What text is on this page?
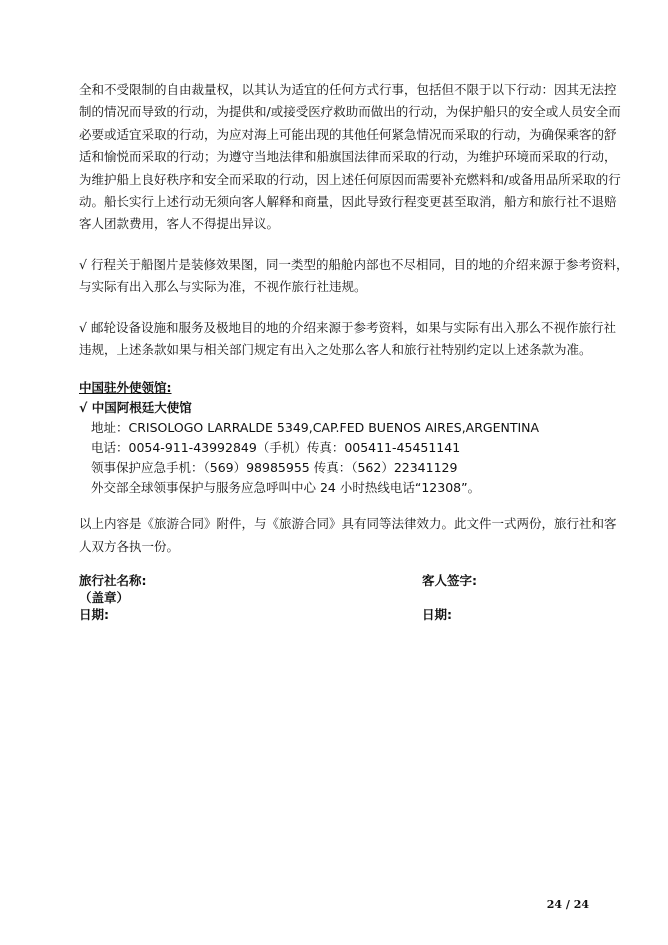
全和不受限制的自由裁量权，以其认为适宜的任何方式行事，包括但不限于以下行动：因其无法控
制的情况而导致的行动，为提供和/或接受医疗救助而做出的行动，为保护船只的安全或人员安全而
必要或适宜采取的行动，为应对海上可能出现的其他任何紧急情况而采取的行动，为确保乘客的舒
适和愉悦而采取的行动；为遵守当地法律和船旗国法律而采取的行动，为维护环境而采取的行动，
为维护船上良好秩序和安全而采取的行动，因上述任何原因而需要补充燃料和/或备用品所采取的行
动。船长实行上述行动无须向客人解释和商量，因此导致行程变更甚至取消，船方和旅行社不退赔
客人团款费用，客人不得提出异议。

√ 行程关于船图片是装修效果图，同一类型的船舱内部也不尽相同，目的地的介绍来源于参考资料，
与实际有出入那么与实际为准，不视作旅行社违规。

√ 邮轮设备设施和服务及极地目的地的介绍来源于参考资料，如果与实际有出入那么不视作旅行社
违规，上述条款如果与相关部门规定有出入之处那么客人和旅行社特别约定以上述条款为准。

中国驻外使领馆:

√ 中国阿根廷大使馆

地址：CRISOLOGO LARRALDE 5349,CAP.FED BUENOS AIRES,ARGENTINA

电话：0054-911-43992849（手机）传真：005411-45451141

领事保护应急手机：（569）98985955 传真：（562）22341129

外交部全球领事保护与服务应急呼叫中心 24 小时热线电话“12308”。

以上内容是《旅游合同》附件，与《旅游合同》具有同等法律效力。此文件一式两份，旅行社和客
人双方各执一份。

旅行社名称:	客人签字:
（盖章）
日期:	日期:
24 / 24
